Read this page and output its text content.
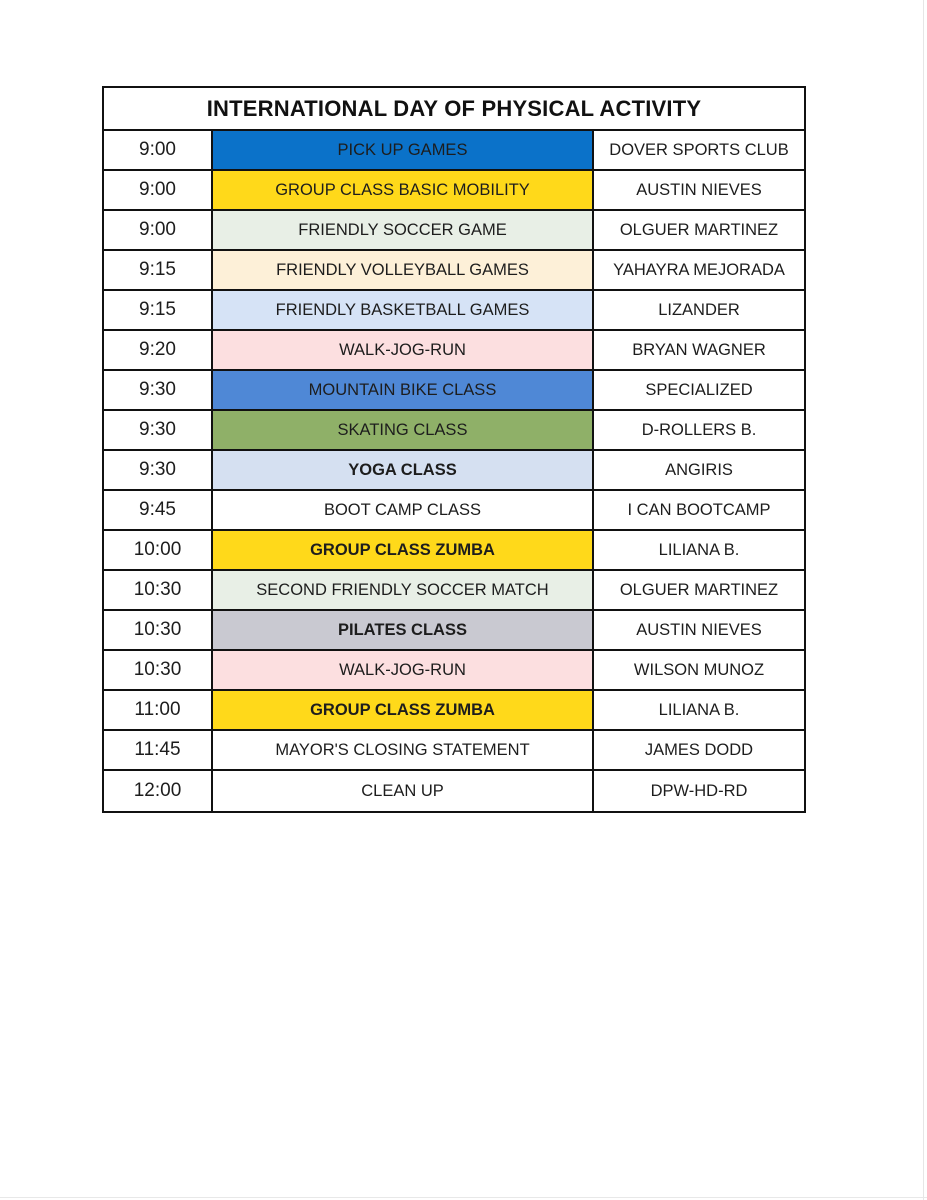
INTERNATIONAL DAY OF PHYSICAL ACTIVITY
9:00	PICK UP GAMES	DOVER SPORTS CLUB
9:00	GROUP CLASS BASIC MOBILITY	AUSTIN NIEVES
9:00	FRIENDLY SOCCER GAME	OLGUER MARTINEZ
9:15	FRIENDLY VOLLEYBALL GAMES	YAHAYRA MEJORADA
9:15	FRIENDLY BASKETBALL GAMES	LIZANDER
9:20	WALK-JOG-RUN	BRYAN WAGNER
9:30	MOUNTAIN BIKE CLASS	SPECIALIZED
9:30	SKATING CLASS	D-ROLLERS B.
9:30	YOGA CLASS	ANGIRIS
9:45	BOOT CAMP CLASS	I CAN BOOTCAMP
10:00	GROUP CLASS ZUMBA	LILIANA B.
10:30	SECOND FRIENDLY SOCCER MATCH	OLGUER MARTINEZ
10:30	PILATES CLASS	AUSTIN NIEVES
10:30	WALK-JOG-RUN	WILSON MUNOZ
11:00	GROUP CLASS ZUMBA	LILIANA B.
11:45	MAYOR'S CLOSING STATEMENT	JAMES DODD
12:00	CLEAN UP	DPW-HD-RD
